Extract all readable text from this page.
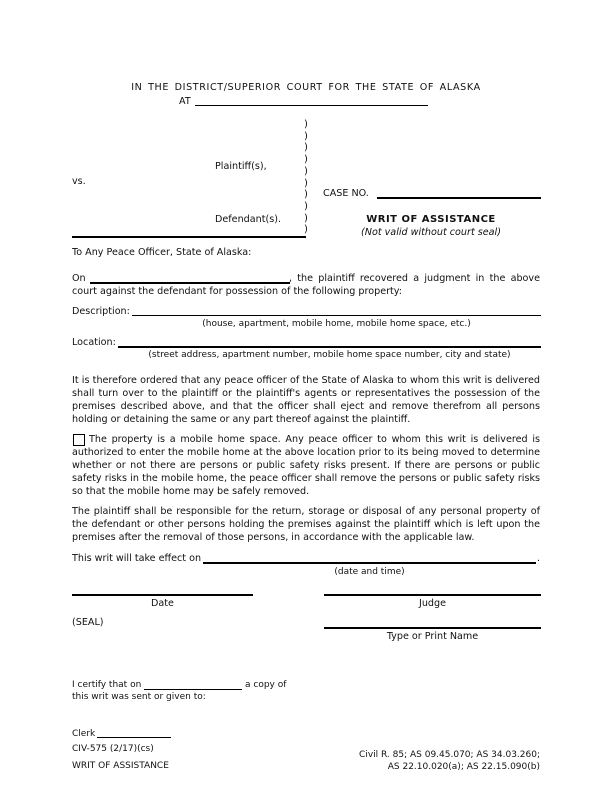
IN THE DISTRICT/SUPERIOR COURT FOR THE STATE OF ALASKA
AT
Plaintiff(s),
vs.
Defendant(s).
)
)
)
)
)
)
)
)
)
)
CASE NO.
WRIT OF ASSISTANCE
(Not valid without court seal)
To Any Peace Officer, State of Alaska:
On	, the plaintiff recovered a judgment in the above
court against the defendant for possession of the following property:
Description:
(house, apartment, mobile home, mobile home space, etc.)
Location:
(street address, apartment number, mobile home space number, city and state)
It is therefore ordered that any peace officer of the State of Alaska to whom this writ is delivered shall turn over to the plaintiff or the plaintiff's agents or representatives the possession of the premises described above, and that the officer shall eject and remove therefrom all persons holding or detaining the same or any part thereof against the plaintiff.
The property is a mobile home space. Any peace officer to whom this writ is delivered is authorized to enter the mobile home at the above location prior to its being moved to determine whether or not there are persons or public safety risks present. If there are persons or public safety risks in the mobile home, the peace officer shall remove the persons or public safety risks so that the mobile home may be safely removed.
The plaintiff shall be responsible for the return, storage or disposal of any personal property of the defendant or other persons holding the premises against the plaintiff which is left upon the premises after the removal of those persons, in accordance with the applicable law.
This writ will take effect on	.
(date and time)
Date	Judge
(SEAL)
Type or Print Name
I certify that on	a copy of
this writ was sent or given to:
Clerk
CIV-575 (2/17)(cs)
WRIT OF ASSISTANCE
Civil R. 85; AS 09.45.070; AS 34.03.260;
AS 22.10.020(a); AS 22.15.090(b)
